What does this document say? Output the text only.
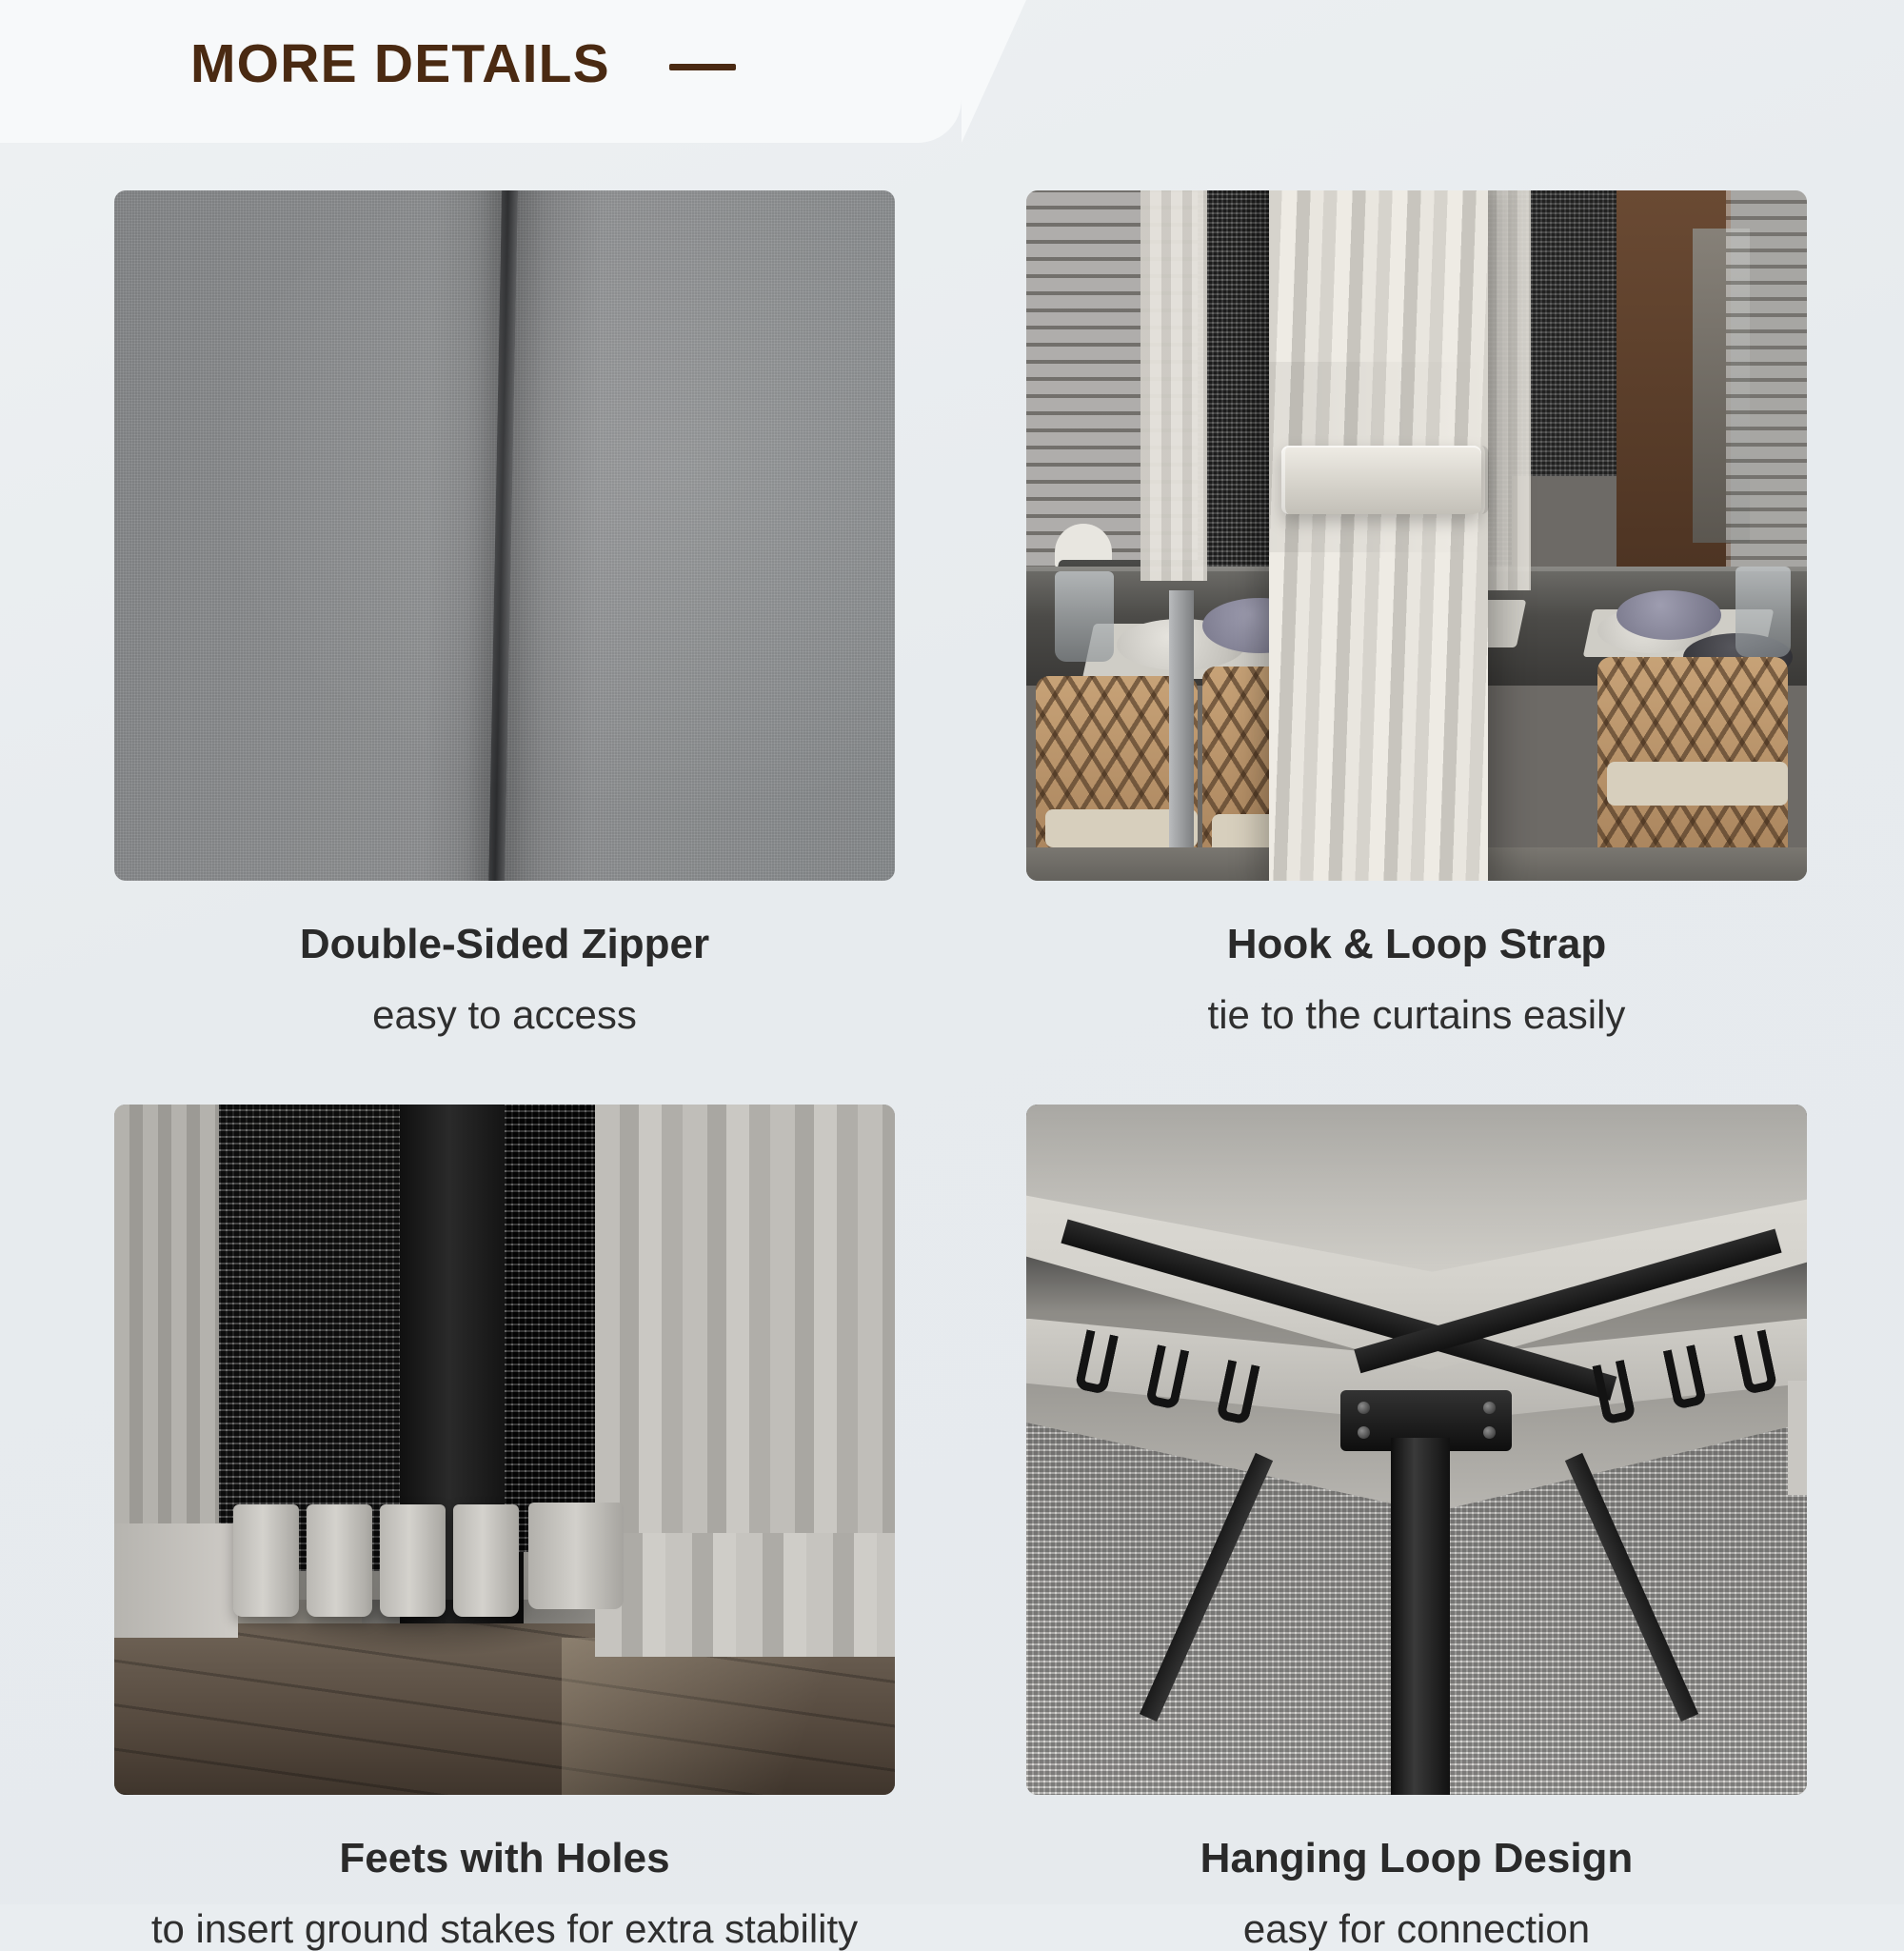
MORE DETAILS
Double-Sided Zipper
easy to access
Hook & Loop Strap
tie to the curtains easily
Feets with Holes
to insert ground stakes for extra stability
Hanging Loop Design
easy for connection
